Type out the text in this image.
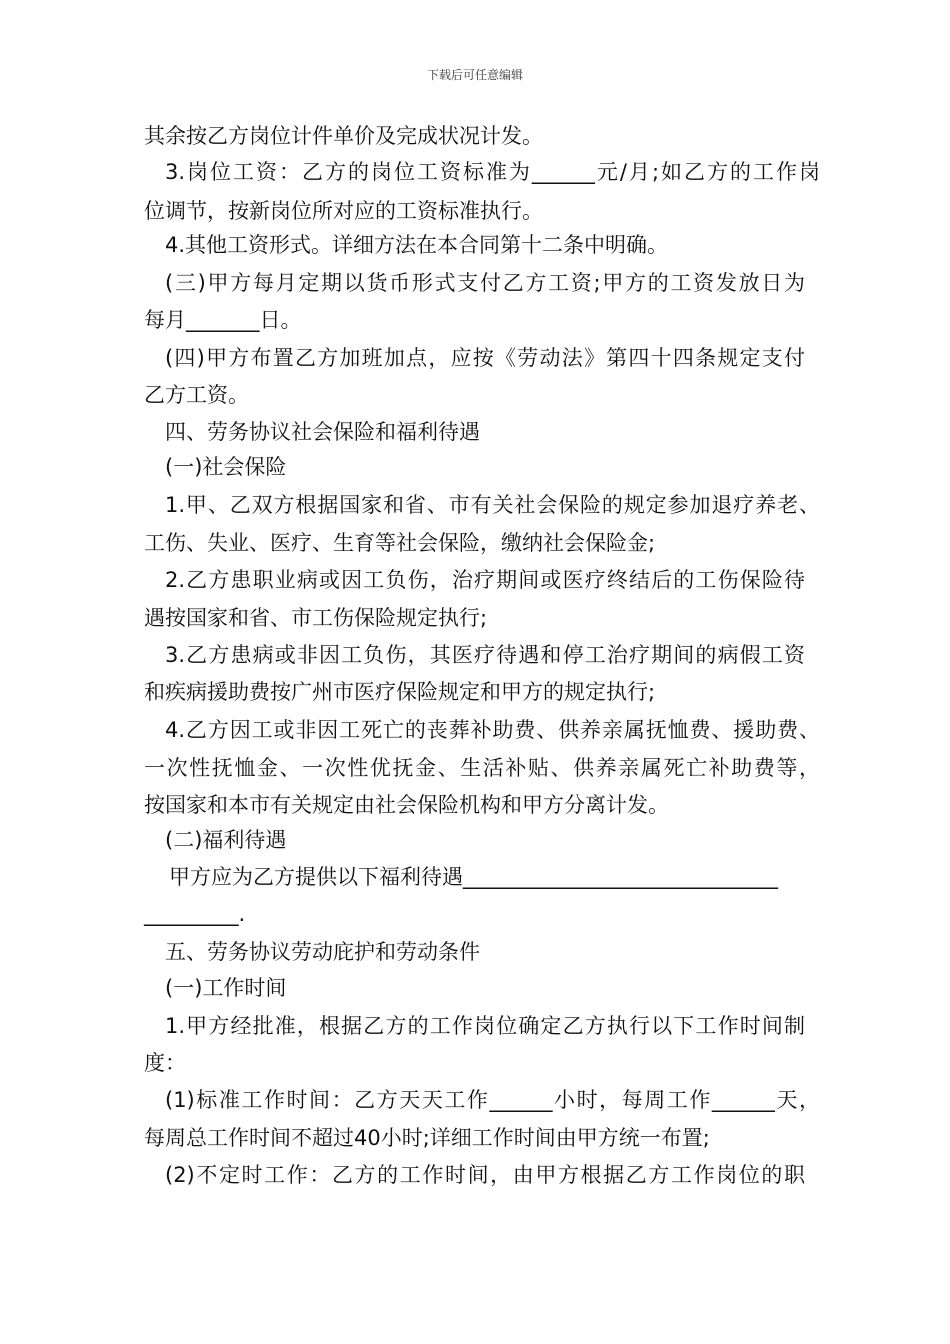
下载后可任意编辑
其余按乙方岗位计件单价及完成状况计发。
3.岗位工资：乙方的岗位工资标准为______元/月;如乙方的工作岗
位调节，按新岗位所对应的工资标准执行。
4.其他工资形式。详细方法在本合同第十二条中明确。
(三)甲方每月定期以货币形式支付乙方工资;甲方的工资发放日为
每月_______日。
(四)甲方布置乙方加班加点，应按《劳动法》第四十四条规定支付
乙方工资。
四、劳务协议社会保险和福利待遇
(一)社会保险
1.甲、乙双方根据国家和省、市有关社会保险的规定参加退疗养老、
工伤、失业、医疗、生育等社会保险，缴纳社会保险金;
2.乙方患职业病或因工负伤，治疗期间或医疗终结后的工伤保险待
遇按国家和省、市工伤保险规定执行;
3.乙方患病或非因工负伤，其医疗待遇和停工治疗期间的病假工资
和疾病援助费按广州市医疗保险规定和甲方的规定执行;
4.乙方因工或非因工死亡的丧葬补助费、供养亲属抚恤费、援助费、
一次性抚恤金、一次性优抚金、生活补贴、供养亲属死亡补助费等，
按国家和本市有关规定由社会保险机构和甲方分离计发。
(二)福利待遇
甲方应为乙方提供以下福利待遇______________________________
_________.
五、劳务协议劳动庇护和劳动条件
(一)工作时间
1.甲方经批准，根据乙方的工作岗位确定乙方执行以下工作时间制
度：
(1)标准工作时间：乙方天天工作______小时，每周工作______天，
每周总工作时间不超过40小时;详细工作时间由甲方统一布置;
(2)不定时工作：乙方的工作时间，由甲方根据乙方工作岗位的职
